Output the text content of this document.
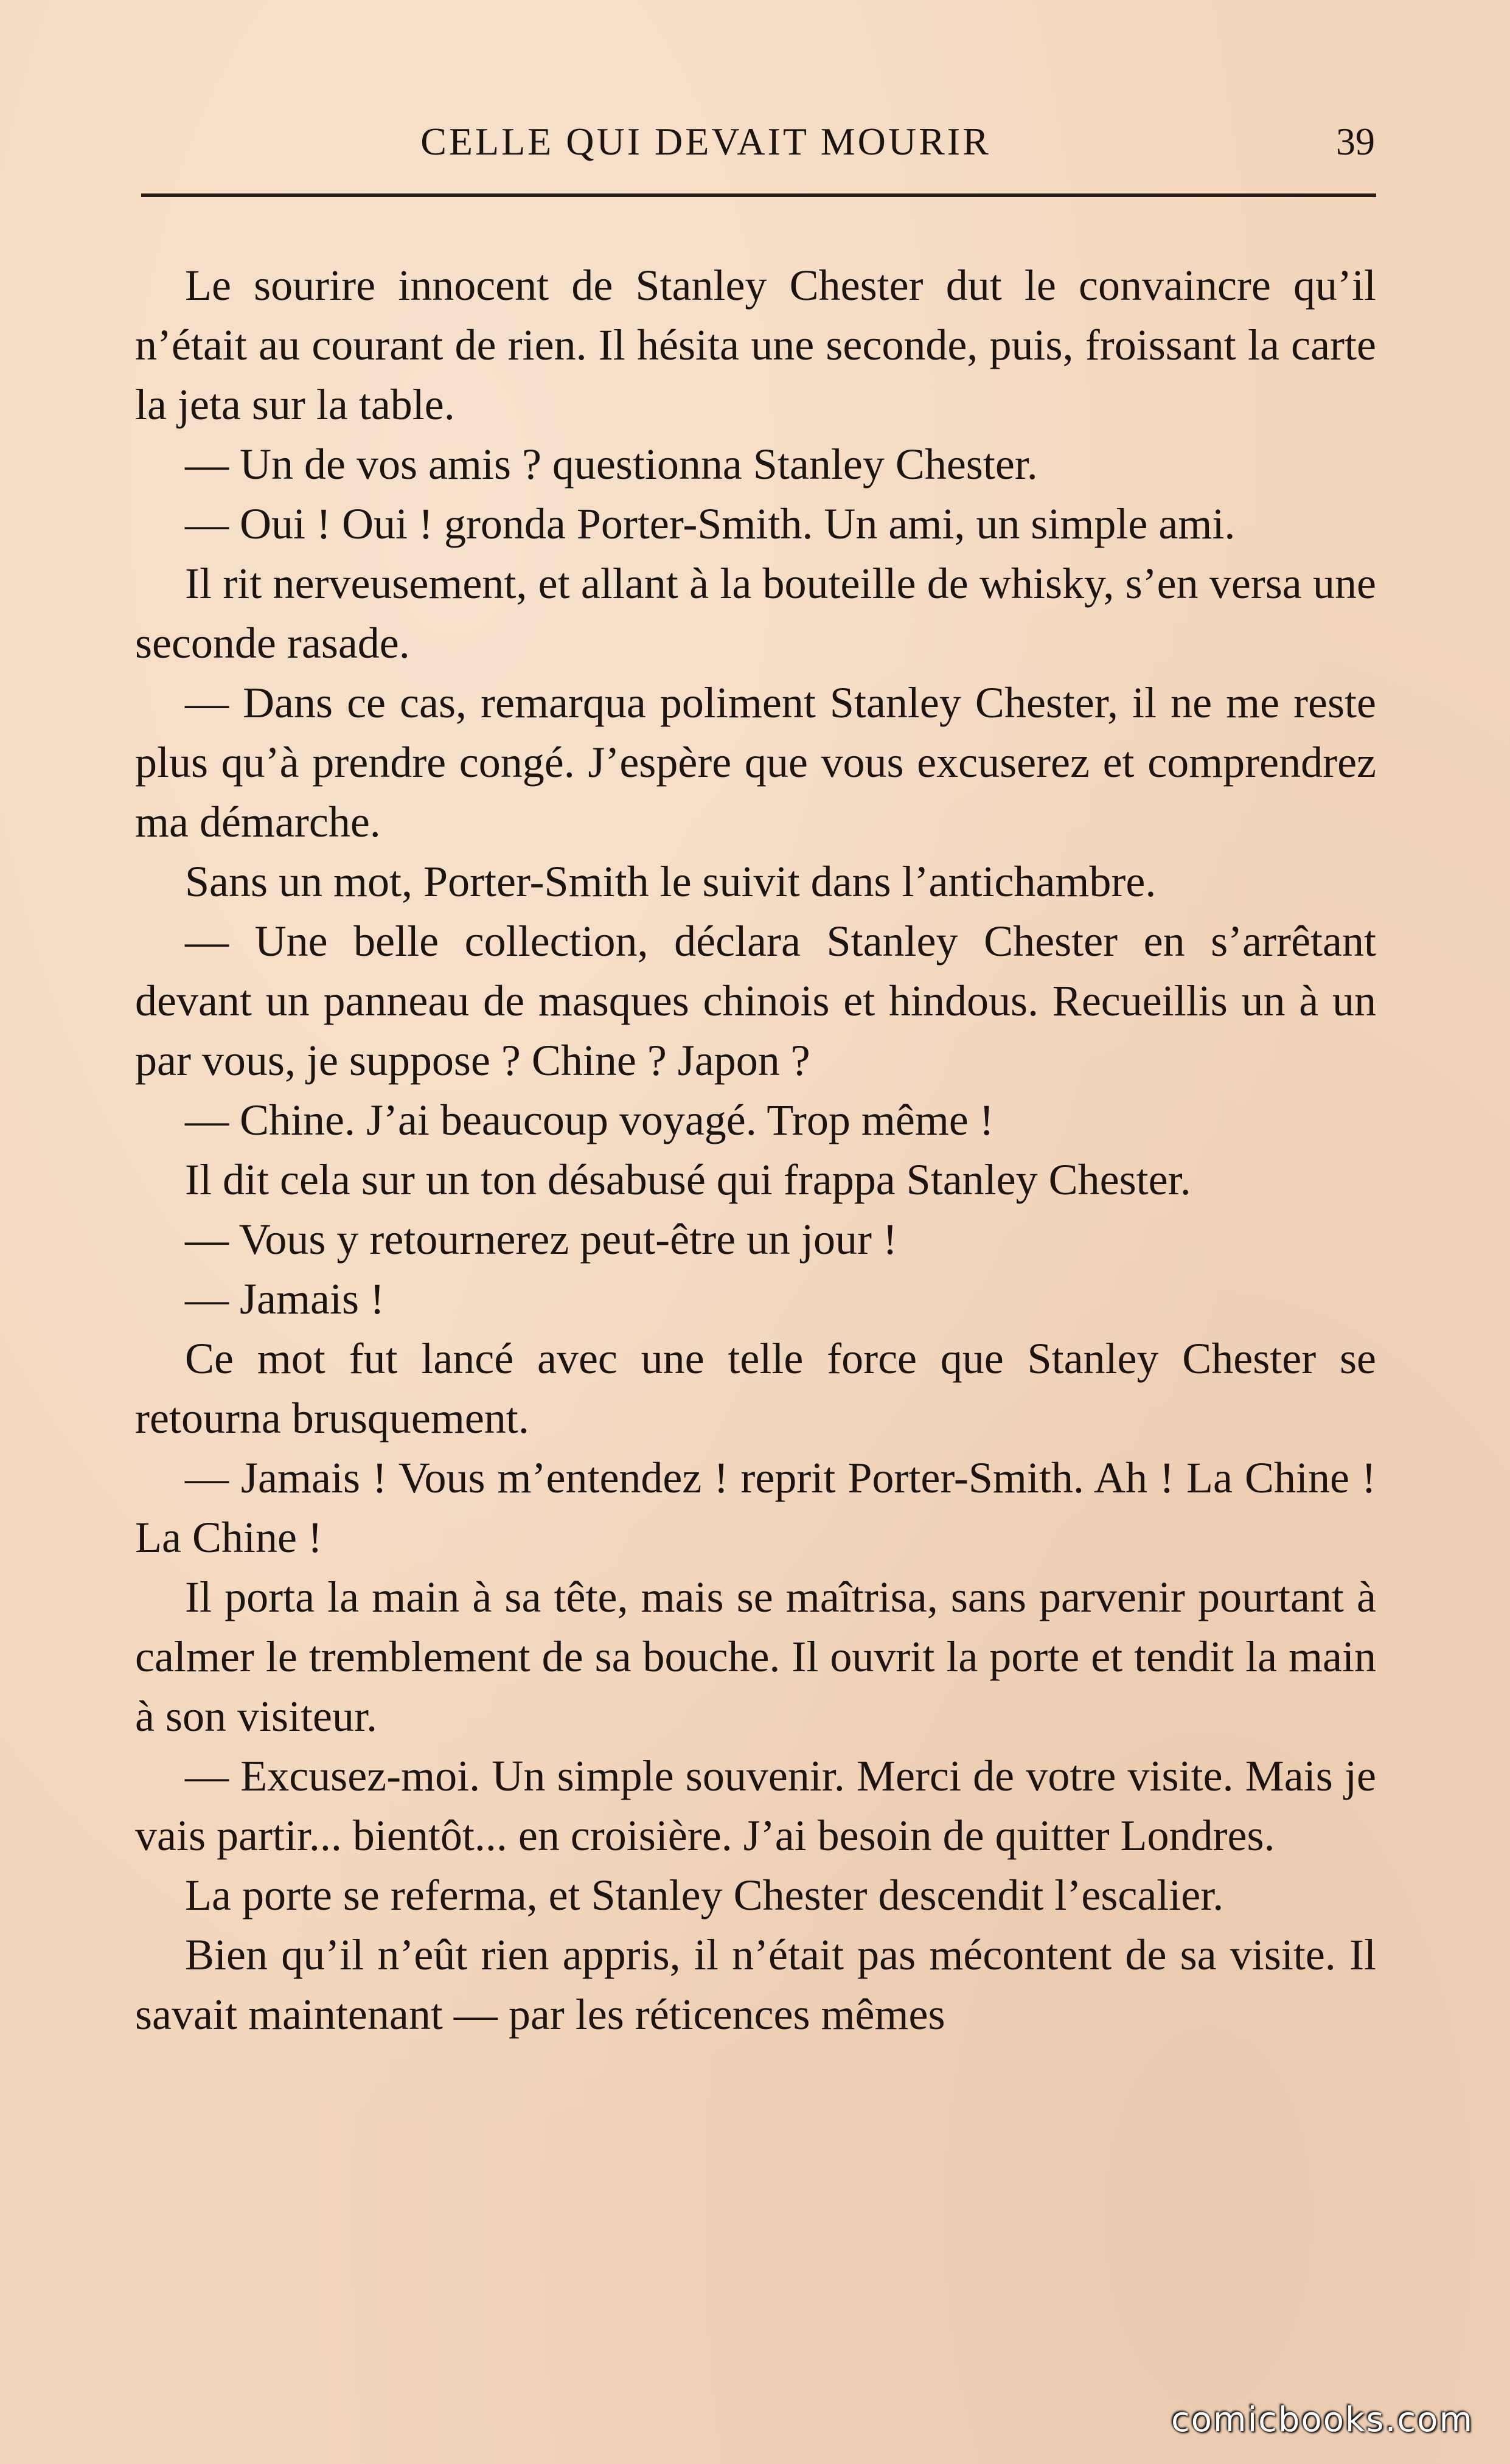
CELLE QUI DEVAIT MOURIR	39

Le sourire innocent de Stanley Chester dut le convaincre qu’il n’était au courant de rien. Il hésita une seconde, puis, froissant la carte la jeta sur la table.

— Un de vos amis ? questionna Stanley Chester.

— Oui ! Oui ! gronda Porter-Smith. Un ami, un simple ami.

Il rit nerveusement, et allant à la bouteille de whisky, s’en versa une seconde rasade.

— Dans ce cas, remarqua poliment Stanley Chester, il ne me reste plus qu’à prendre congé. J’espère que vous excuserez et comprendrez ma démarche.

Sans un mot, Porter-Smith le suivit dans l’antichambre.

— Une belle collection, déclara Stanley Chester en s’arrêtant devant un panneau de masques chinois et hindous. Recueillis un à un par vous, je suppose ? Chine ? Japon ?

— Chine. J’ai beaucoup voyagé. Trop même !

Il dit cela sur un ton désabusé qui frappa Stanley Chester.

— Vous y retournerez peut-être un jour !

— Jamais !

Ce mot fut lancé avec une telle force que Stanley Chester se retourna brusquement.

— Jamais ! Vous m’entendez ! reprit Porter-Smith. Ah ! La Chine ! La Chine !

Il porta la main à sa tête, mais se maîtrisa, sans parvenir pourtant à calmer le tremblement de sa bouche. Il ouvrit la porte et tendit la main à son visiteur.

— Excusez-moi. Un simple souvenir. Merci de votre visite. Mais je vais partir... bientôt... en croisière. J’ai besoin de quitter Londres.

La porte se referma, et Stanley Chester descendit l’escalier.

Bien qu’il n’eût rien appris, il n’était pas mécontent de sa visite. Il savait maintenant — par les réticences mêmes

comicbooks.com
